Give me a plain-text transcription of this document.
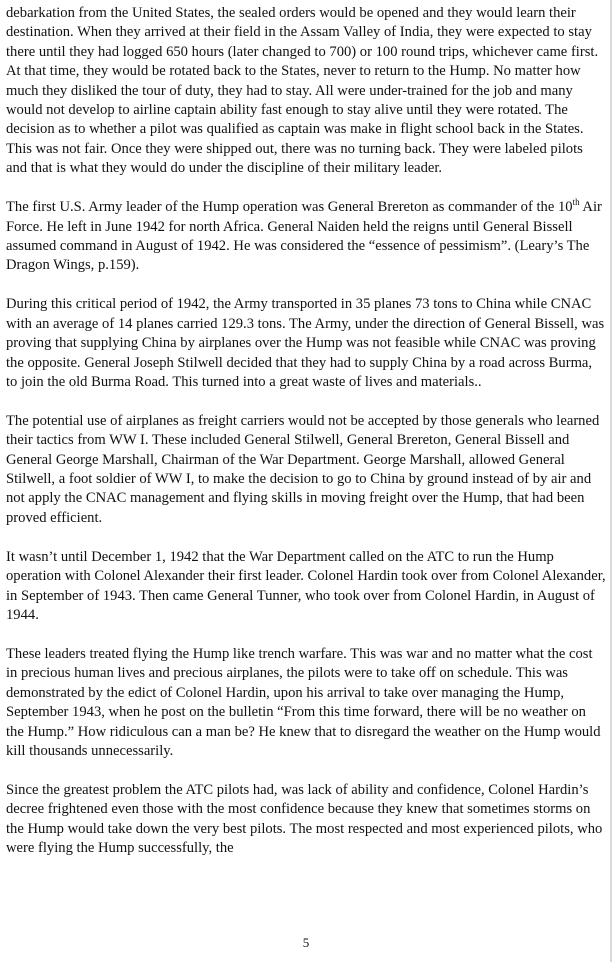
debarkation from the United States, the sealed orders would be opened and they would learn their destination. When they arrived at their field in the Assam Valley of India, they were expected to stay there until they had logged 650 hours (later changed to 700) or 100 round trips, whichever came first. At that time, they would be rotated back to the States, never to return to the Hump. No matter how much they disliked the tour of duty, they had to stay. All were under-trained for the job and many would not develop to airline captain ability fast enough to stay alive until they were rotated. The decision as to whether a pilot was qualified as captain was make in flight school back in the States. This was not fair. Once they were shipped out, there was no turning back. They were labeled pilots and that is what they would do under the discipline of their military leader.

The first U.S. Army leader of the Hump operation was General Brereton as commander of the 10th Air Force. He left in June 1942 for north Africa. General Naiden held the reigns until General Bissell assumed command in August of 1942. He was considered the “essence of pessimism”. (Leary’s The Dragon Wings, p.159).

During this critical period of 1942, the Army transported in 35 planes 73 tons to China while CNAC with an average of 14 planes carried 129.3 tons. The Army, under the direction of General Bissell, was proving that supplying China by airplanes over the Hump was not feasible while CNAC was proving the opposite. General Joseph Stilwell decided that they had to supply China by a road across Burma, to join the old Burma Road. This turned into a great waste of lives and materials..

The potential use of airplanes as freight carriers would not be accepted by those generals who learned their tactics from WW I. These included General Stilwell, General Brereton, General Bissell and General George Marshall, Chairman of the War Department. George Marshall, allowed General Stilwell, a foot soldier of WW I, to make the decision to go to China by ground instead of by air and not apply the CNAC management and flying skills in moving freight over the Hump, that had been proved efficient.

It wasn’t until December 1, 1942 that the War Department called on the ATC to run the Hump operation with Colonel Alexander their first leader. Colonel Hardin took over from Colonel Alexander, in September of 1943. Then came General Tunner, who took over from Colonel Hardin, in August of 1944.

These leaders treated flying the Hump like trench warfare. This was war and no matter what the cost in precious human lives and precious airplanes, the pilots were to take off on schedule. This was demonstrated by the edict of Colonel Hardin, upon his arrival to take over managing the Hump, September 1943, when he post on the bulletin “From this time forward, there will be no weather on the Hump.” How ridiculous can a man be? He knew that to disregard the weather on the Hump would kill thousands unnecessarily.

Since the greatest problem the ATC pilots had, was lack of ability and confidence, Colonel Hardin’s decree frightened even those with the most confidence because they knew that sometimes storms on the Hump would take down the very best pilots. The most respected and most experienced pilots, who were flying the Hump successfully, the

5
